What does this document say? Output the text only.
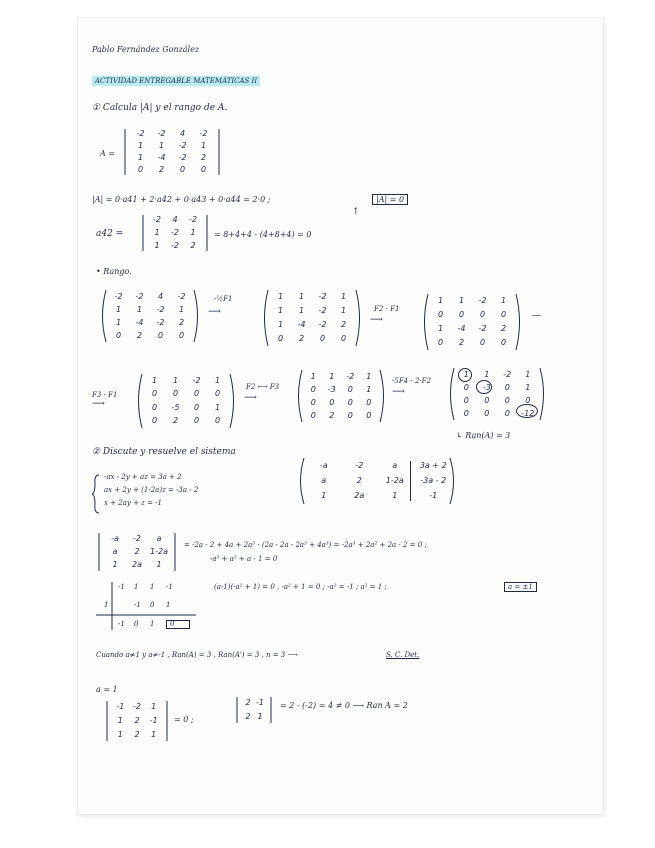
Pablo Fernández González
ACTIVIDAD ENTREGABLE MATEMÁTICAS II
① Calcula |A| y el rango de A.
A =
-2	-2	4	-2
1	1	-2	1
1	-4	-2	2
0	2	0	0
|A| = 0·a41 + 2·a42 + 0·a43 + 0·a44 = 2·0 ;	|A| = 0
↑
a42 =
-2	4	-2
1	-2	1
1	-2	2
= 8+4+4 - (4+8+4) = 0
• Rango.
-2	-2	4	-2
1	1	-2	1
1	-4	-2	2
0	2	0	0
-½F1
⟶
1	1	-2	1
1	1	-2	1
1	-4	-2	2
0	2	0	0
F2 - F1
⟶
1	1	-2	1
0	0	0	0
1	-4	-2	2
0	2	0	0
—
F3 - F1
⟶
1	1	-2	1
0	0	0	0
0	-5	0	1
0	2	0	0
F2 ⟷ F3
⟶
1	1	-2	1
0	-3	0	1
0	0	0	0
0	2	0	0
-5F4 - 2·F2
⟶
1	1	-2	1
0	-3	0	1
0	0	0	0
0	0	0	-12
↳ Ran(A) = 3
② Discute y resuelve el sistema
-ax - 2y + az = 3a + 2
ax + 2y + (1-2a)z = -3a - 2
x + 2ay + z = -1
-a	-2	a	3a + 2
a	2	1-2a	-3a - 2
1	2a	1	-1
-a	-2	a
a	2	1-2a
1	2a	1
= -2a - 2 + 4a + 2a³ - (2a - 2a - 2a² + 4a³) = -2a³ + 2a² + 2a - 2 = 0 ;
-a³ + a² + a - 1 = 0
-1 1 1 -1
1	-1 0 1
-1 0 1 0
(a-1)(-a² + 1) = 0 , -a² + 1 = 0 ; -a² = -1 ; a² = 1 ;	a = ±1
Cuando a≠1 y a≠-1 , Ran(A) = 3 , Ran(A') = 3 , n = 3 ⟶	S. C. Det.
a = 1
-1	-2	1
1	2	-1
1	2	1
= 0 ;
2 -1
2 1
= 2 - (-2) = 4 ≠ 0 ⟶ Ran A = 2
